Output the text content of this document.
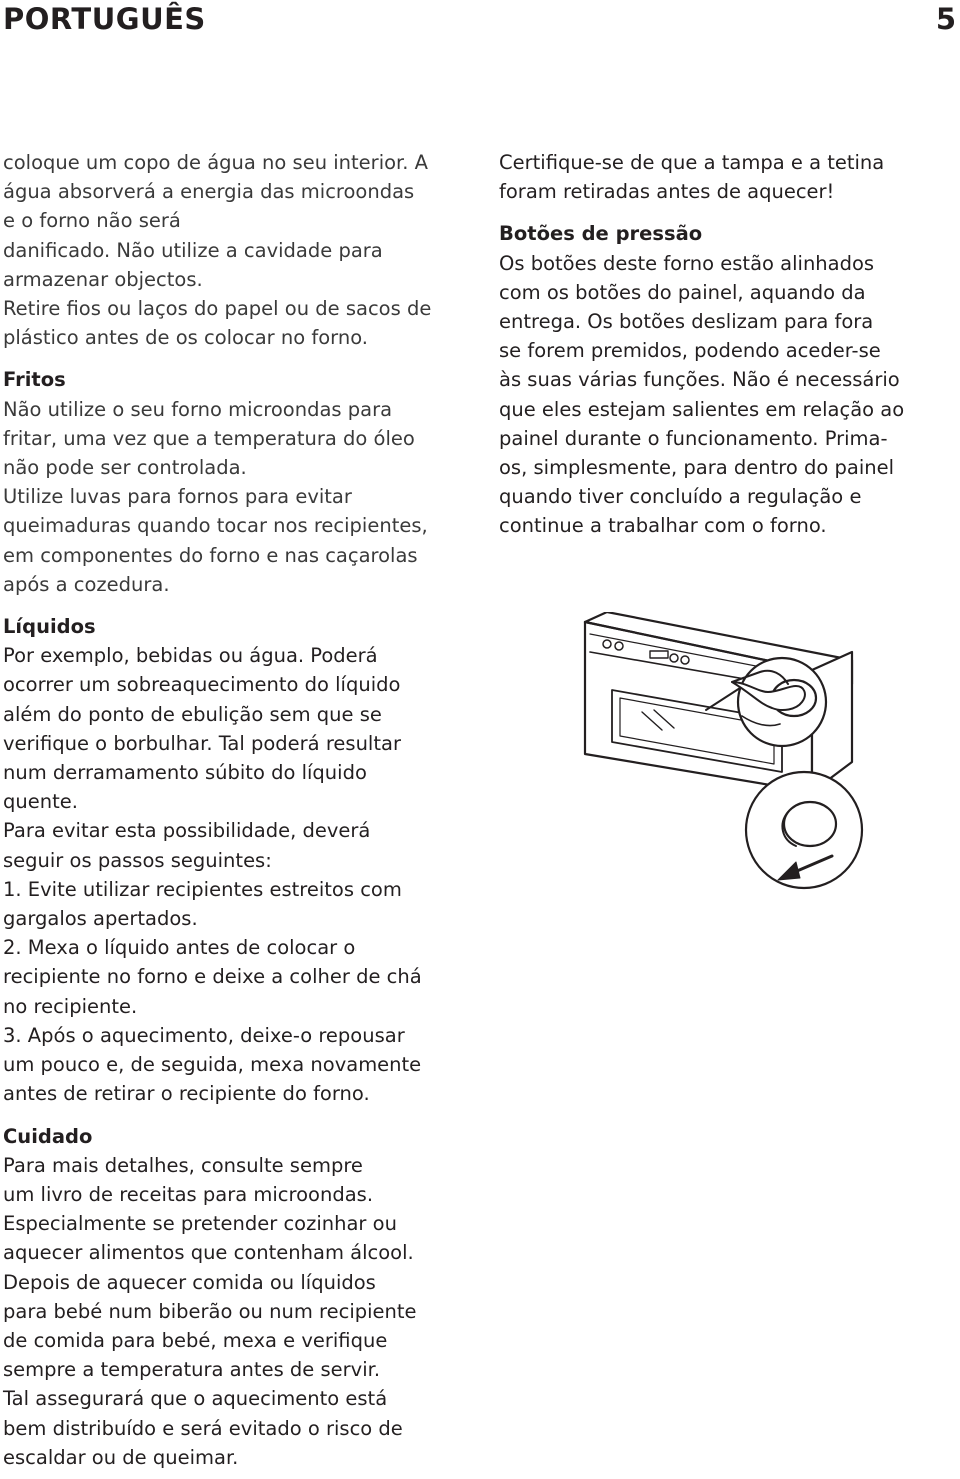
PORTUGUÊS	5

coloque um copo de água no seu interior. A

água absorverá a energia das microondas

e o forno não será

danificado. Não utilize a cavidade para

armazenar objectos.

Retire fios ou laços do papel ou de sacos de

plástico antes de os colocar no forno.

Fritos

Não utilize o seu forno microondas para

fritar, uma vez que a temperatura do óleo

não pode ser controlada.

Utilize luvas para fornos para evitar

queimaduras quando tocar nos recipientes,

em componentes do forno e nas caçarolas

após a cozedura.

Líquidos

Por exemplo, bebidas ou água. Poderá

ocorrer um sobreaquecimento do líquido

além do ponto de ebulição sem que se

verifique o borbulhar. Tal poderá resultar

num derramamento súbito do líquido

quente.

Para evitar esta possibilidade, deverá

seguir os passos seguintes:

1. Evite utilizar recipientes estreitos com

gargalos apertados.

2. Mexa o líquido antes de colocar o

recipiente no forno e deixe a colher de chá

no recipiente.

3. Após o aquecimento, deixe-o repousar

um pouco e, de seguida, mexa novamente

antes de retirar o recipiente do forno.

Cuidado

Para mais detalhes, consulte sempre

um livro de receitas para microondas.

Especialmente se pretender cozinhar ou

aquecer alimentos que contenham álcool.

Depois de aquecer comida ou líquidos

para bebé num biberão ou num recipiente

de comida para bebé, mexa e verifique

sempre a temperatura antes de servir.

Tal assegurará que o aquecimento está

bem distribuído e será evitado o risco de

escaldar ou de queimar.

Certifique-se de que a tampa e a tetina

foram retiradas antes de aquecer!

Botões de pressão

Os botões deste forno estão alinhados

com os botões do painel, aquando da

entrega. Os botões deslizam para fora

se forem premidos, podendo aceder-se

às suas várias funções. Não é necessário

que eles estejam salientes em relação ao

painel durante o funcionamento. Prima-

os, simplesmente, para dentro do painel

quando tiver concluído a regulação e

continue a trabalhar com o forno.
